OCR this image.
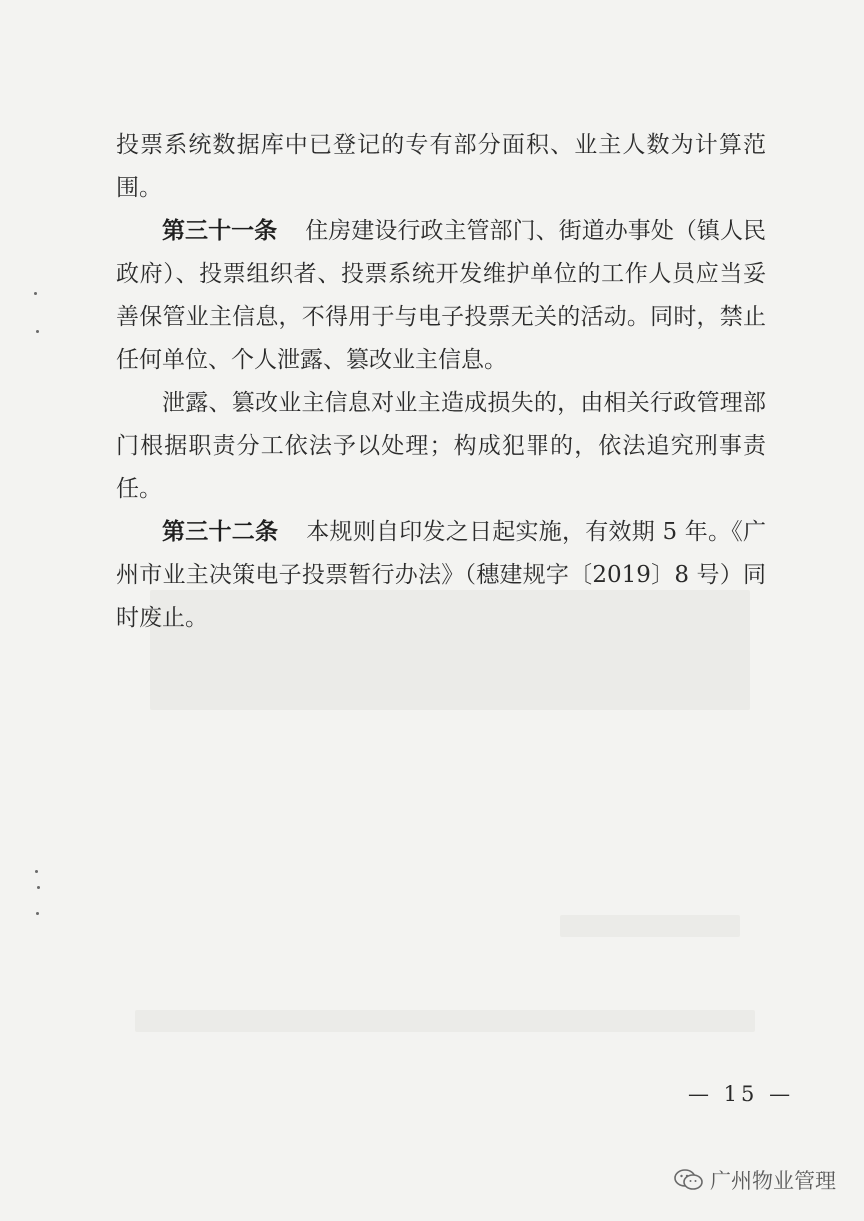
投票系统数据库中已登记的专有部分面积、业主人数为计算范围。

第三十一条 住房建设行政主管部门、街道办事处（镇人民政府）、投票组织者、投票系统开发维护单位的工作人员应当妥善保管业主信息，不得用于与电子投票无关的活动。同时，禁止任何单位、个人泄露、篡改业主信息。

泄露、篡改业主信息对业主造成损失的，由相关行政管理部门根据职责分工依法予以处理；构成犯罪的，依法追究刑事责任。

第三十二条 本规则自印发之日起实施，有效期 5 年。《广州市业主决策电子投票暂行办法》（穗建规字〔2019〕8 号）同时废止。

— 15 —
广州物业管理
